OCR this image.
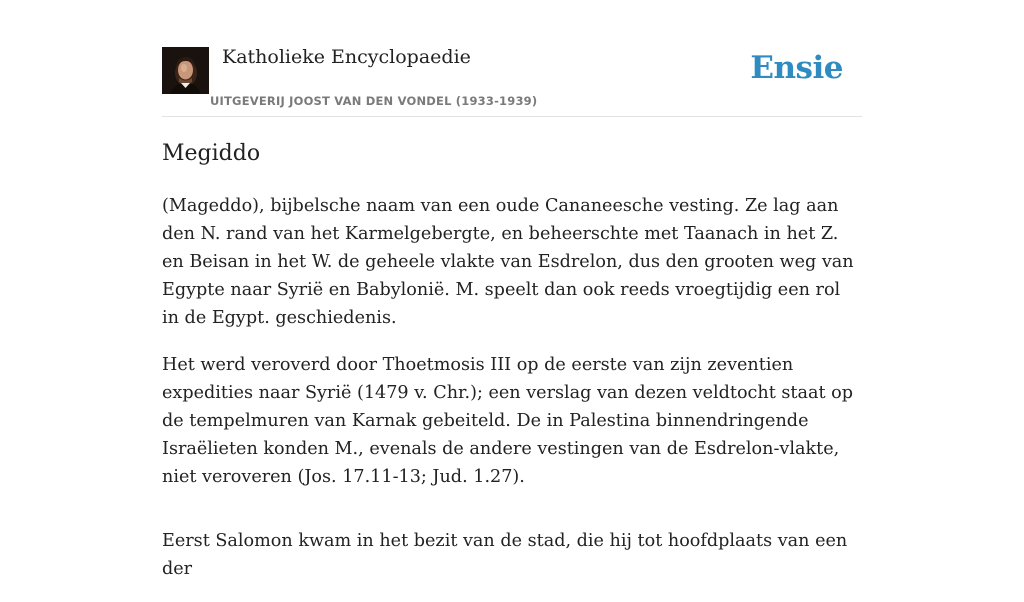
Katholieke Encyclopaedie
UITGEVERIJ JOOST VAN DEN VONDEL (1933-1939)
Ensie
Megiddo

(Mageddo), bijbelsche naam van een oude Cananeesche vesting. Ze lag aan den N. rand van het Karmelgebergte, en beheerschte met Taanach in het Z. en Beisan in het W. de geheele vlakte van Esdrelon, dus den grooten weg van Egypte naar Syrië en Babylonië. M. speelt dan ook reeds vroegtijdig een rol in de Egypt. geschiedenis.

Het werd veroverd door Thoetmosis III op de eerste van zijn zeventien expedities naar Syrië (1479 v. Chr.); een verslag van dezen veldtocht staat op de tempelmuren van Karnak gebeiteld. De in Palestina binnendringende Israëlieten konden M., evenals de andere vestingen van de Esdrelon-vlakte, niet veroveren (Jos. 17.11-13; Jud. 1.27).

Eerst Salomon kwam in het bezit van de stad, die hij tot hoofdplaats van een der
